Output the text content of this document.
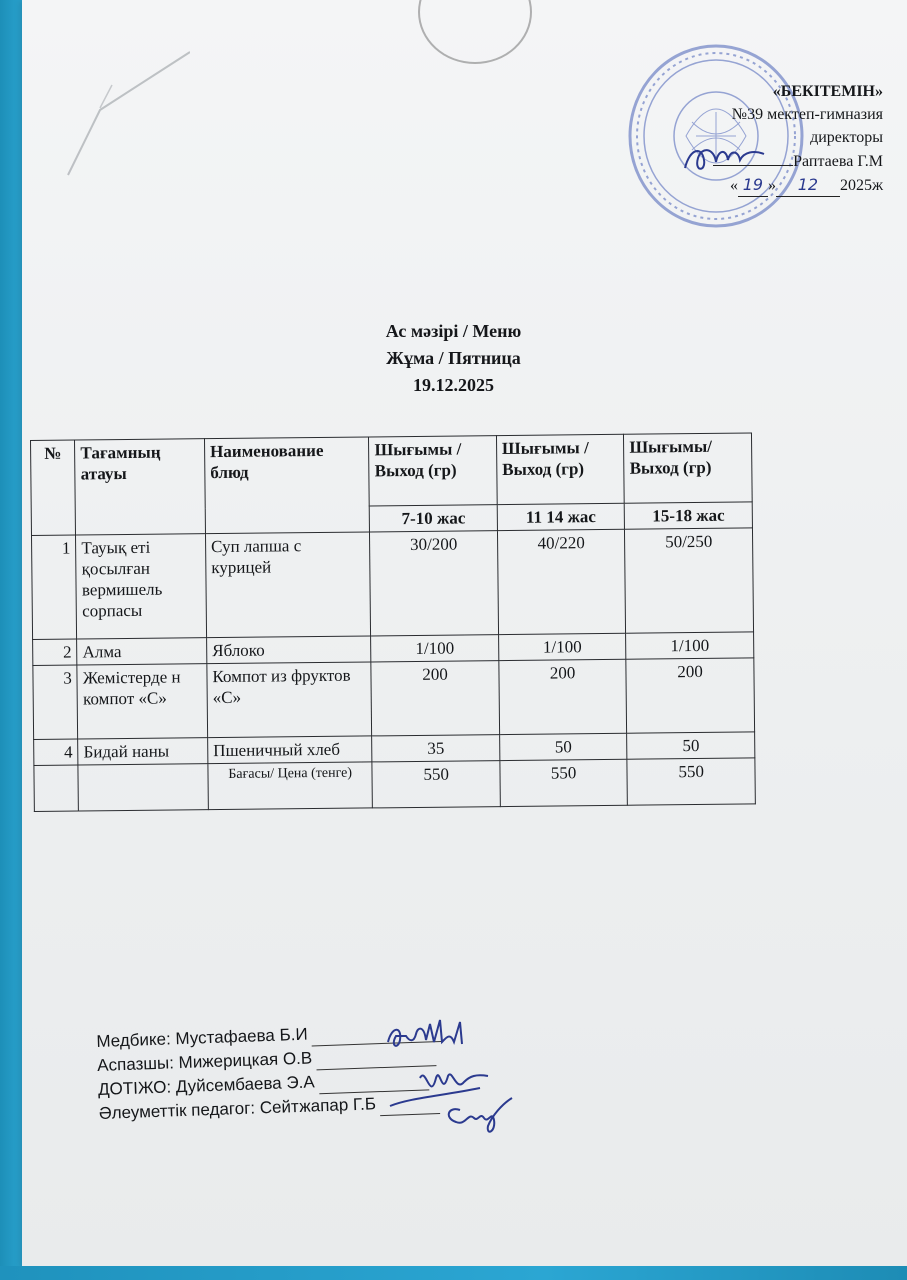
«БЕКІТЕМІН»
№39 мектеп-гимназия
директоры
Раптаева Г.М
« 19 » 12 2025ж
Ас мәзірі / Меню
Жұма / Пятница
19.12.2025
№	Тағамның атауы	Наименование блюд	Шығымы /Выход (гр)	Шығымы /Выход (гр)	Шығымы/ Выход (гр)
			7-10 жас	11 14 жас	15-18 жас
1	Тауық еті қосылған вермишель сорпасы	Суп лапша с курицей	30/200	40/220	50/250
2	Алма	Яблоко	1/100	1/100	1/100
3	Жемістерде н компот «С»	Компот из фруктов «С»	200	200	200
4	Бидай наны	Пшеничный хлеб	35	50	50
		Бағасы/ Цена (тенге)	550	550	550
Медбике: Мустафаева Б.И
Аспазшы: Мижерицкая О.В
ДОТІЖО: Дуйсембаева Э.А
Әлеуметтік педагог: Сейтжапар Г.Б
